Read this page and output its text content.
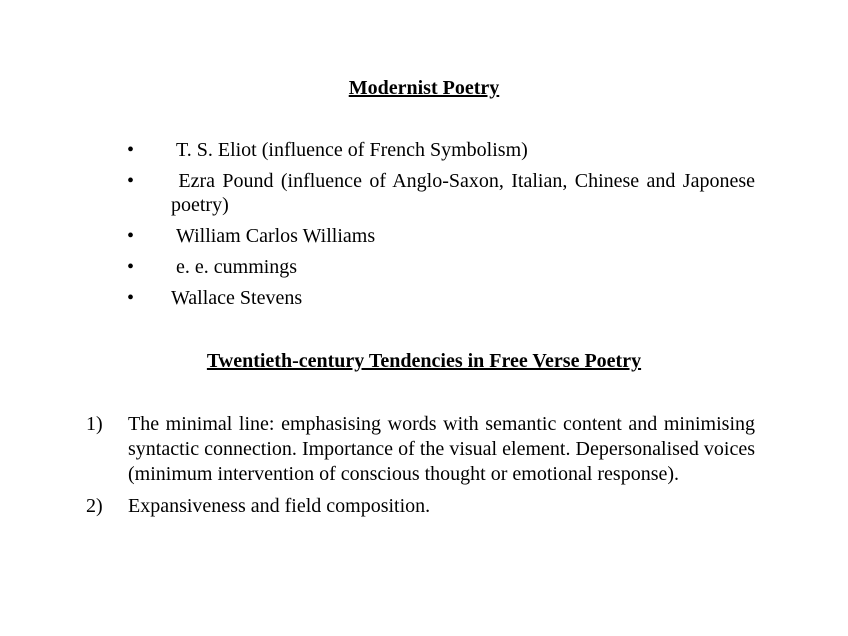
Modernist Poetry
• T. S. Eliot (influence of French Symbolism)
• Ezra Pound (influence of Anglo-Saxon, Italian, Chinese and Japonese poetry)
• William Carlos Williams
• e. e. cummings
• Wallace Stevens
Twentieth-century Tendencies in Free Verse Poetry
1) The minimal line: emphasising words with semantic content and minimising syntactic connection. Importance of the visual element. Depersonalised voices (minimum intervention of conscious thought or emotional response).
2) Expansiveness and field composition.
